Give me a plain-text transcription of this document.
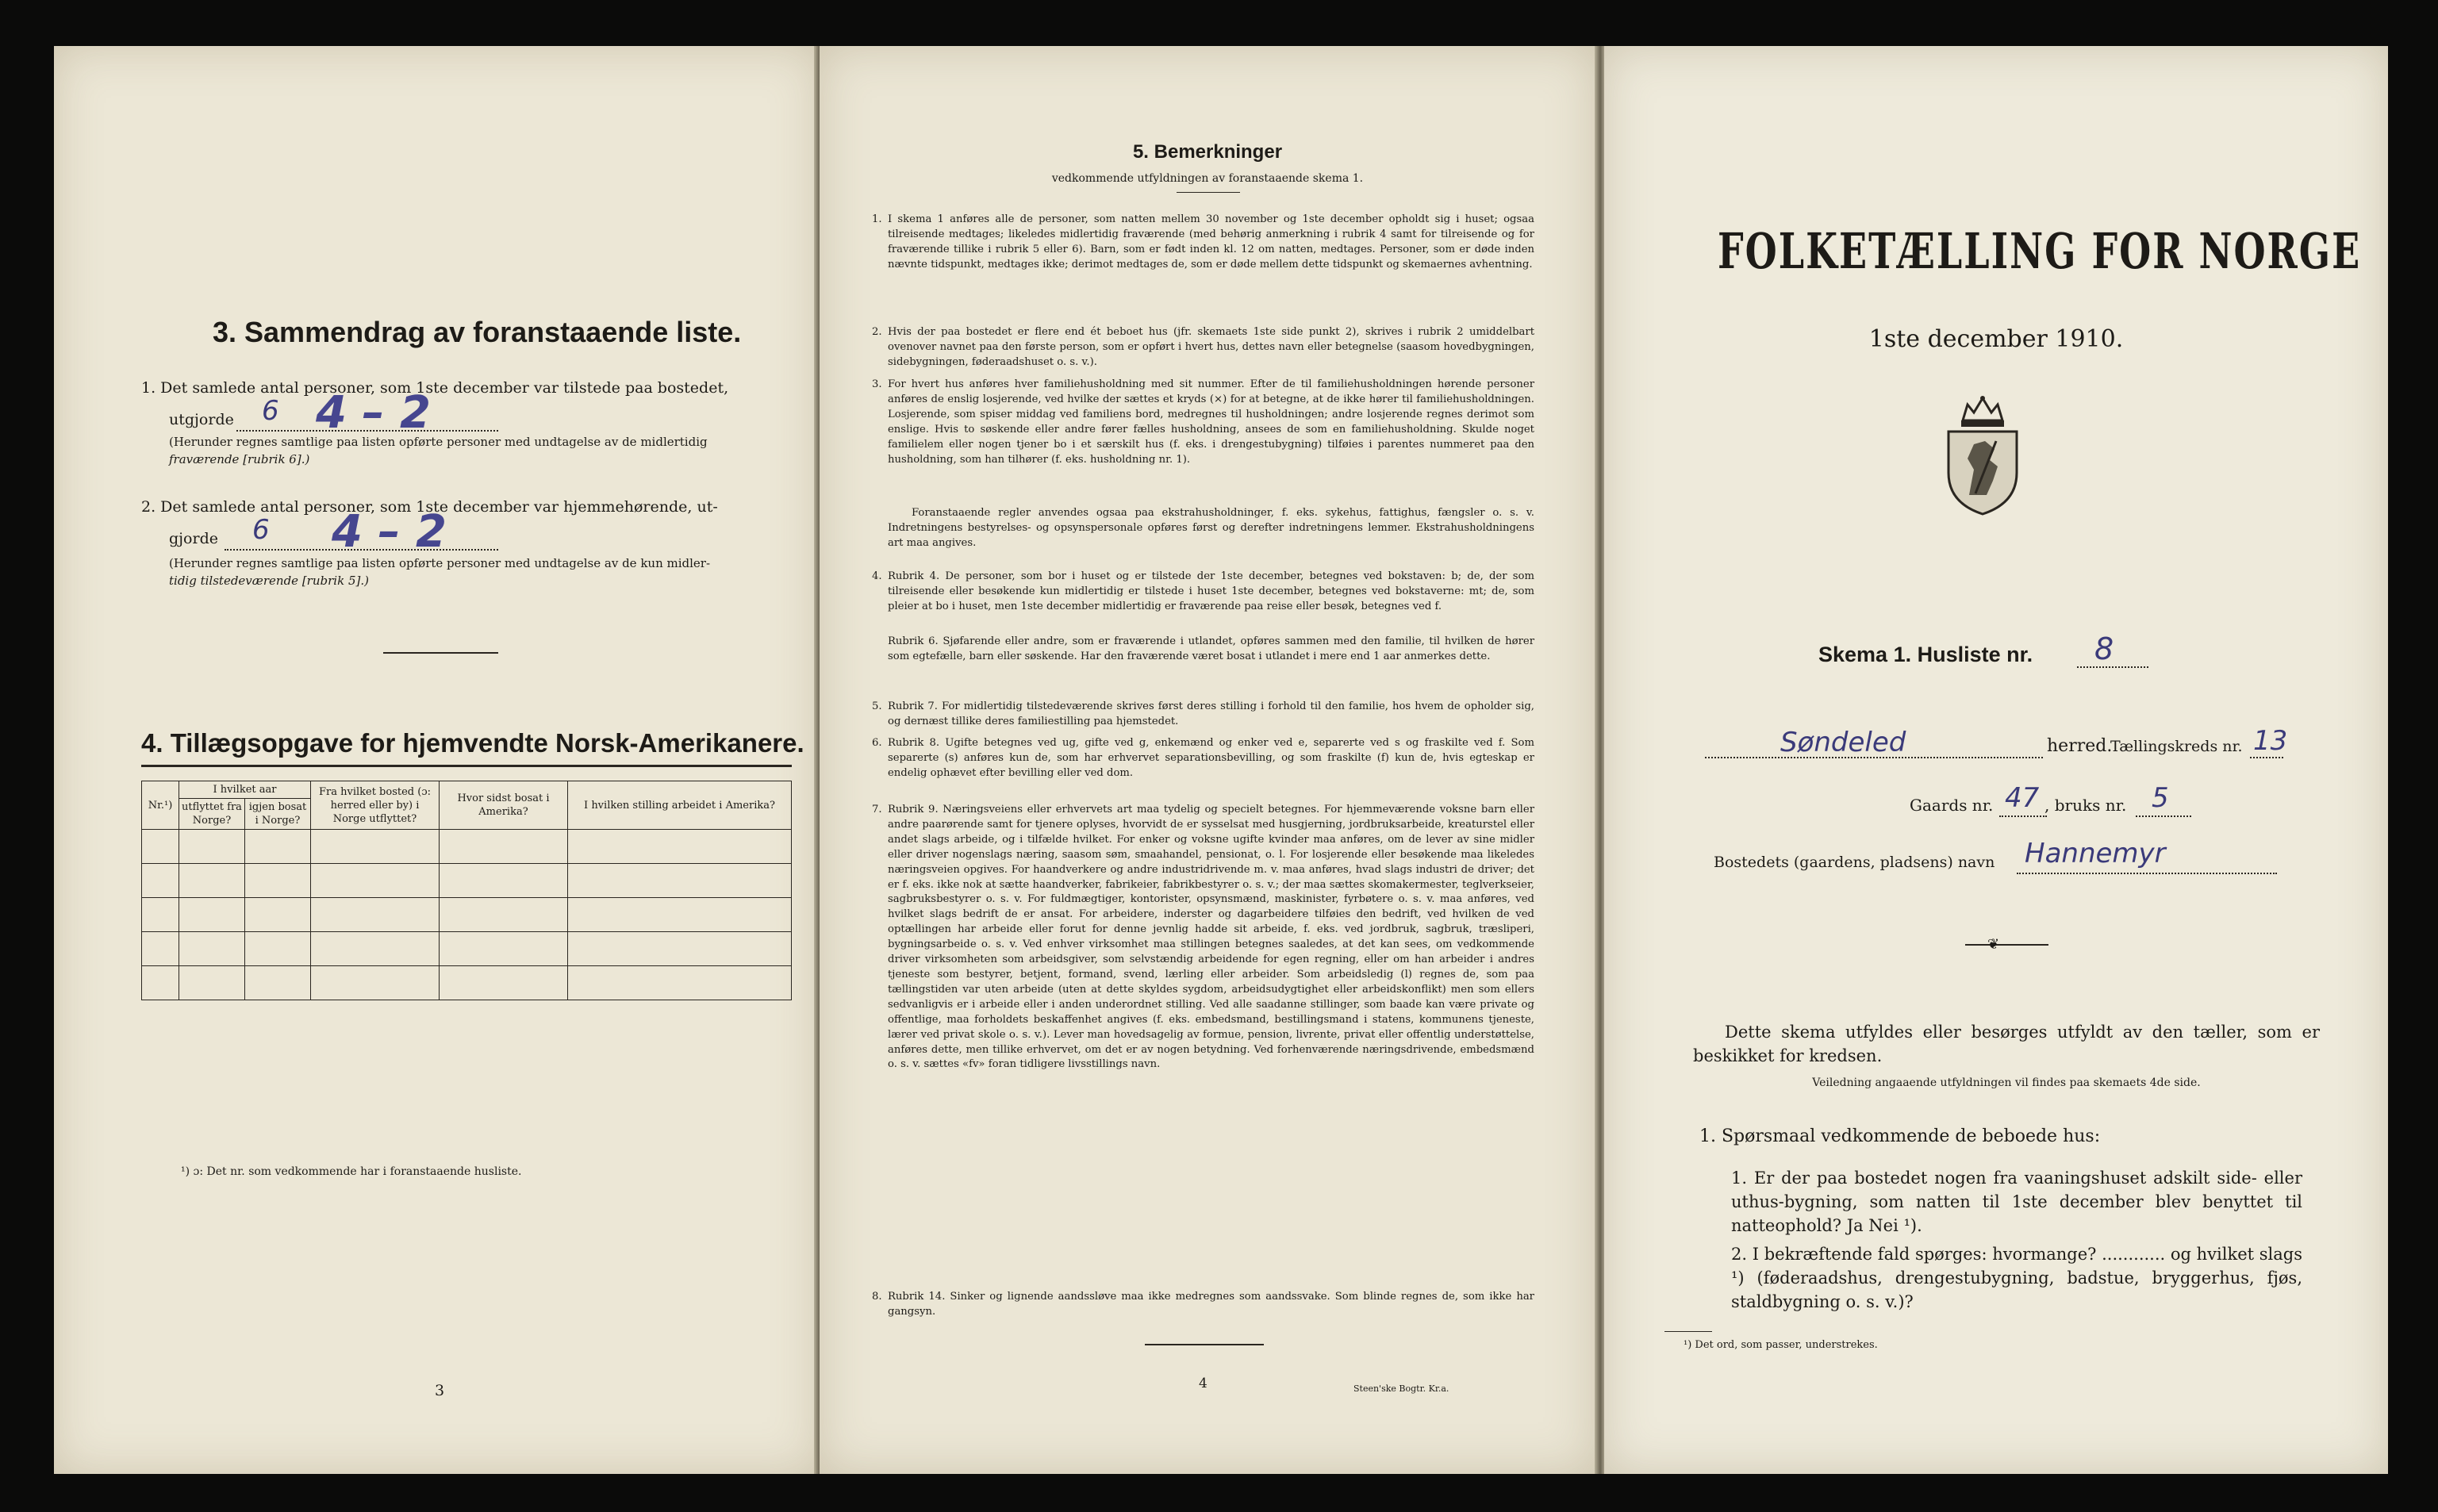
3. Sammendrag av foranstaaende liste.
1. Det samlede antal personer, som 1ste december var tilstede paa bostedet,
utgjorde 6 4 – 2
(Herunder regnes samtlige paa listen opførte personer med undtagelse av de midlertidig
fraværende [rubrik 6].)
2. Det samlede antal personer, som 1ste december var hjemmehørende, ut-
gjorde 6 4 – 2
(Herunder regnes samtlige paa listen opførte personer med undtagelse av de kun midler-
tidig tilstedeværende [rubrik 5].)
4. Tillægsopgave for hjemvendte Norsk-Amerikanere.
Nr.¹)	I hvilket aar		Fra hvilket bosted (ɔ: herred eller by) i Norge utflyttet?	Hvor sidst bosat i Amerika?	I hvilken stilling arbeidet i Amerika?
	utflyttet fra Norge?	igjen bosat i Norge?			

¹) ɔ: Det nr. som vedkommende har i foranstaaende husliste.
3
5. Bemerkninger
vedkommende utfyldningen av foranstaaende skema 1.
1. I skema 1 anføres alle de personer, som natten mellem 30 november og 1ste december opholdt sig i huset; ogsaa tilreisende medtages; likeledes midlertidig fraværende (med behørig anmerkning i rubrik 4 samt for tilreisende og for fraværende tillike i rubrik 5 eller 6). Barn, som er født inden kl. 12 om natten, medtages. Personer, som er døde inden nævnte tidspunkt, medtages ikke; derimot medtages de, som er døde mellem dette tidspunkt og skemaernes avhentning.
2. Hvis der paa bostedet er flere end ét beboet hus (jfr. skemaets 1ste side punkt 2), skrives i rubrik 2 umiddelbart ovenover navnet paa den første person, som er opført i hvert hus, dettes navn eller betegnelse (saasom hovedbygningen, sidebygningen, føderaadshuset o. s. v.).
3. For hvert hus anføres hver familiehusholdning med sit nummer. Efter de til familiehusholdningen hørende personer anføres de enslig losjerende, ved hvilke der sættes et kryds (×) for at betegne, at de ikke hører til familiehusholdningen. Losjerende, som spiser middag ved familiens bord, medregnes til husholdningen; andre losjerende regnes derimot som enslige. Hvis to søskende eller andre fører fælles husholdning, ansees de som en familiehusholdning. Skulde noget familielem eller nogen tjener bo i et særskilt hus (f. eks. i drengestubygning) tilføies i parentes nummeret paa den husholdning, som han tilhører (f. eks. husholdning nr. 1).
Foranstaaende regler anvendes ogsaa paa ekstrahusholdninger, f. eks. sykehus, fattighus, fængsler o. s. v. Indretningens bestyrelses- og opsynspersonale opføres først og derefter indretningens lemmer. Ekstrahusholdningens art maa angives.
4. Rubrik 4. De personer, som bor i huset og er tilstede der 1ste december, betegnes ved bokstaven: b; de, der som tilreisende eller besøkende kun midlertidig er tilstede i huset 1ste december, betegnes ved bokstaverne: mt; de, som pleier at bo i huset, men 1ste december midlertidig er fraværende paa reise eller besøk, betegnes ved f.
Rubrik 6. Sjøfarende eller andre, som er fraværende i utlandet, opføres sammen med den familie, til hvilken de hører som egtefælle, barn eller søskende. Har den fraværende været bosat i utlandet i mere end 1 aar anmerkes dette.
5. Rubrik 7. For midlertidig tilstedeværende skrives først deres stilling i forhold til den familie, hos hvem de opholder sig, og dernæst tillike deres familiestilling paa hjemstedet.
6. Rubrik 8. Ugifte betegnes ved ug, gifte ved g, enkemænd og enker ved e, separerte ved s og fraskilte ved f. Som separerte (s) anføres kun de, som har erhvervet separationsbevilling, og som fraskilte (f) kun de, hvis egteskap er endelig ophævet efter bevilling eller ved dom.
7. Rubrik 9. Næringsveiens eller erhvervets art maa tydelig og specielt betegnes. For hjemmeværende voksne barn eller andre paarørende samt for tjenere oplyses, hvorvidt de er sysselsat med husgjerning, jordbruksarbeide, kreaturstel eller andet slags arbeide, og i tilfælde hvilket. For enker og voksne ugifte kvinder maa anføres, om de lever av sine midler eller driver nogenslags næring, saasom søm, smaahandel, pensionat, o. l. For losjerende eller besøkende maa likeledes næringsveien opgives. For haandverkere og andre industridrivende m. v. maa anføres, hvad slags industri de driver; det er f. eks. ikke nok at sætte haandverker, fabrikeier, fabrikbestyrer o. s. v.; der maa sættes skomakermester, teglverkseier, sagbruksbestyrer o. s. v. For fuldmægtiger, kontorister, opsynsmænd, maskinister, fyrbøtere o. s. v. maa anføres, ved hvilket slags bedrift de er ansat. For arbeidere, inderster og dagarbeidere tilføies den bedrift, ved hvilken de ved optællingen har arbeide eller forut for denne jevnlig hadde sit arbeide, f. eks. ved jordbruk, sagbruk, træsliperi, bygningsarbeide o. s. v. Ved enhver virksomhet maa stillingen betegnes saaledes, at det kan sees, om vedkommende driver virksomheten som arbeidsgiver, som selvstændig arbeidende for egen regning, eller om han arbeider i andres tjeneste som bestyrer, betjent, formand, svend, lærling eller arbeider. Som arbeidsledig (l) regnes de, som paa tællingstiden var uten arbeide (uten at dette skyldes sygdom, arbeidsudygtighet eller arbeidskonflikt) men som ellers sedvanligvis er i arbeide eller i anden underordnet stilling. Ved alle saadanne stillinger, som baade kan være private og offentlige, maa forholdets beskaffenhet angives (f. eks. embedsmand, bestillingsmand i statens, kommunens tjeneste, lærer ved privat skole o. s. v.). Lever man hovedsagelig av formue, pension, livrente, privat eller offentlig understøttelse, anføres dette, men tillike erhvervet, om det er av nogen betydning. Ved forhenværende næringsdrivende, embedsmænd o. s. v. sættes «fv» foran tidligere livsstillings navn.
8. Rubrik 14. Sinker og lignende aandssløve maa ikke medregnes som aandssvake. Som blinde regnes de, som ikke har gangsyn.
4	Steen'ske Bogtr. Kr.a.
FOLKETÆLLING FOR NORGE
1ste december 1910.
Skema 1. Husliste nr. 8
Søndeled	herred.
Tællingskreds nr. 13
Gaards nr. 47 , bruks nr. 5
Bostedets (gaardens, pladsens) navn Hannemyr
❦
Dette skema utfyldes eller besørges utfyldt av den tæller, som er beskikket for kredsen.
Veiledning angaaende utfyldningen vil findes paa skemaets 4de side.
1. Spørsmaal vedkommende de beboede hus:
1. Er der paa bostedet nogen fra vaaningshuset adskilt side- eller uthus-bygning, som natten til 1ste december blev benyttet til natteophold? Ja Nei ¹).
2. I bekræftende fald spørges: hvormange? ............ og hvilket slags ¹) (føderaadshus, drengestubygning, badstue, bryggerhus, fjøs, staldbygning o. s. v.)?
¹) Det ord, som passer, understrekes.
